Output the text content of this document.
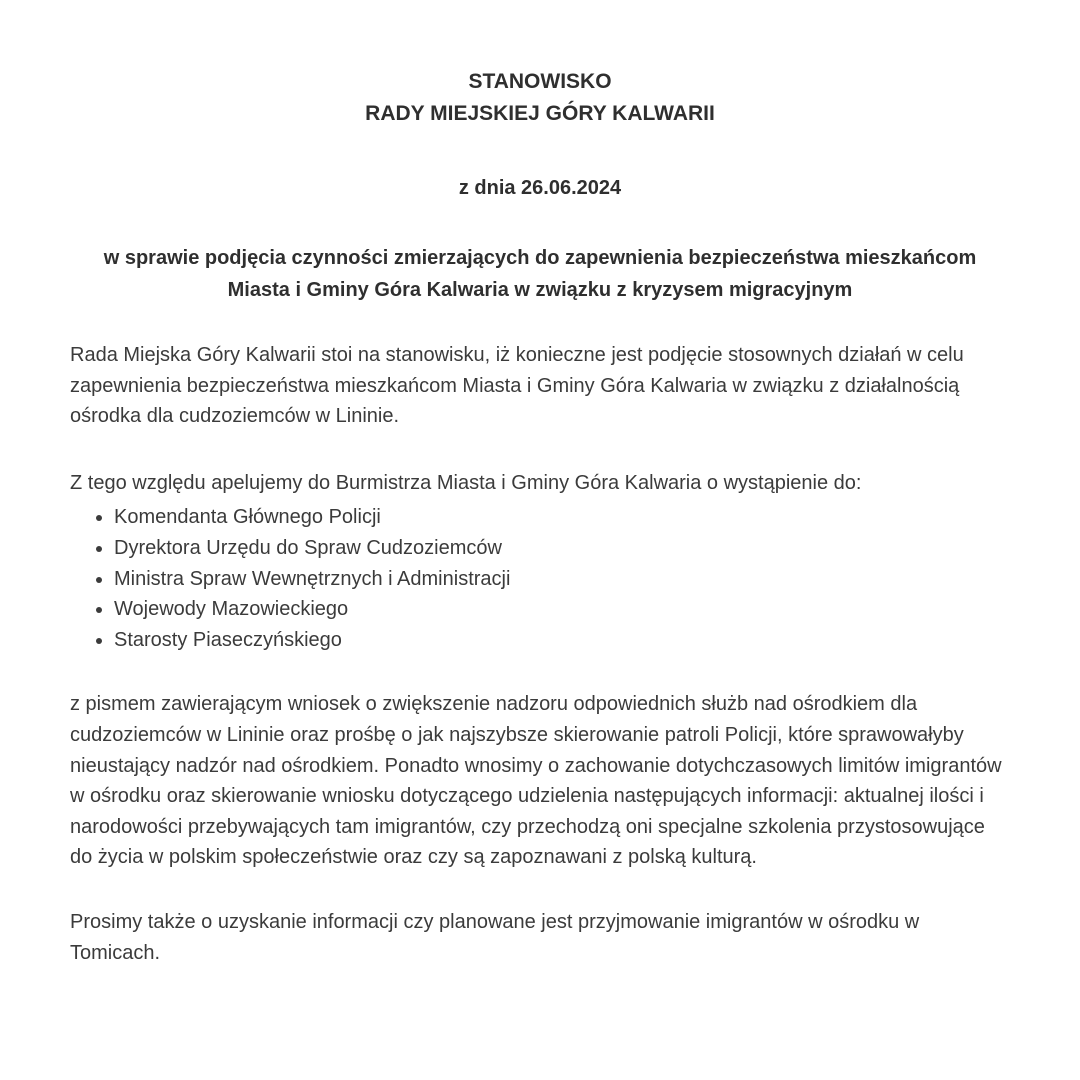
STANOWISKO
RADY MIEJSKIEJ GÓRY KALWARII

z dnia 26.06.2024

w sprawie podjęcia czynności zmierzających do zapewnienia bezpieczeństwa mieszkańcom Miasta i Gminy Góra Kalwaria w związku z kryzysem migracyjnym

Rada Miejska Góry Kalwarii stoi na stanowisku, iż konieczne jest podjęcie stosownych działań w celu zapewnienia bezpieczeństwa mieszkańcom Miasta i Gminy Góra Kalwaria w związku z działalnością ośrodka dla cudzoziemców w Lininie.

Z tego względu apelujemy do Burmistrza Miasta i Gminy Góra Kalwaria o wystąpienie do:

• Komendanta Głównego Policji
• Dyrektora Urzędu do Spraw Cudzoziemców
• Ministra Spraw Wewnętrznych i Administracji
• Wojewody Mazowieckiego
• Starosty Piaseczyńskiego

z pismem zawierającym wniosek o zwiększenie nadzoru odpowiednich służb nad ośrodkiem dla cudzoziemców w Lininie oraz prośbę o jak najszybsze skierowanie patroli Policji, które sprawowałyby nieustający nadzór nad ośrodkiem. Ponadto wnosimy o zachowanie dotychczasowych limitów imigrantów w ośrodku oraz skierowanie wniosku dotyczącego udzielenia następujących informacji: aktualnej ilości i narodowości przebywających tam imigrantów, czy przechodzą oni specjalne szkolenia przystosowujące do życia w polskim społeczeństwie oraz czy są zapoznawani z polską kulturą.

Prosimy także o uzyskanie informacji czy planowane jest przyjmowanie imigrantów w ośrodku w Tomicach.
